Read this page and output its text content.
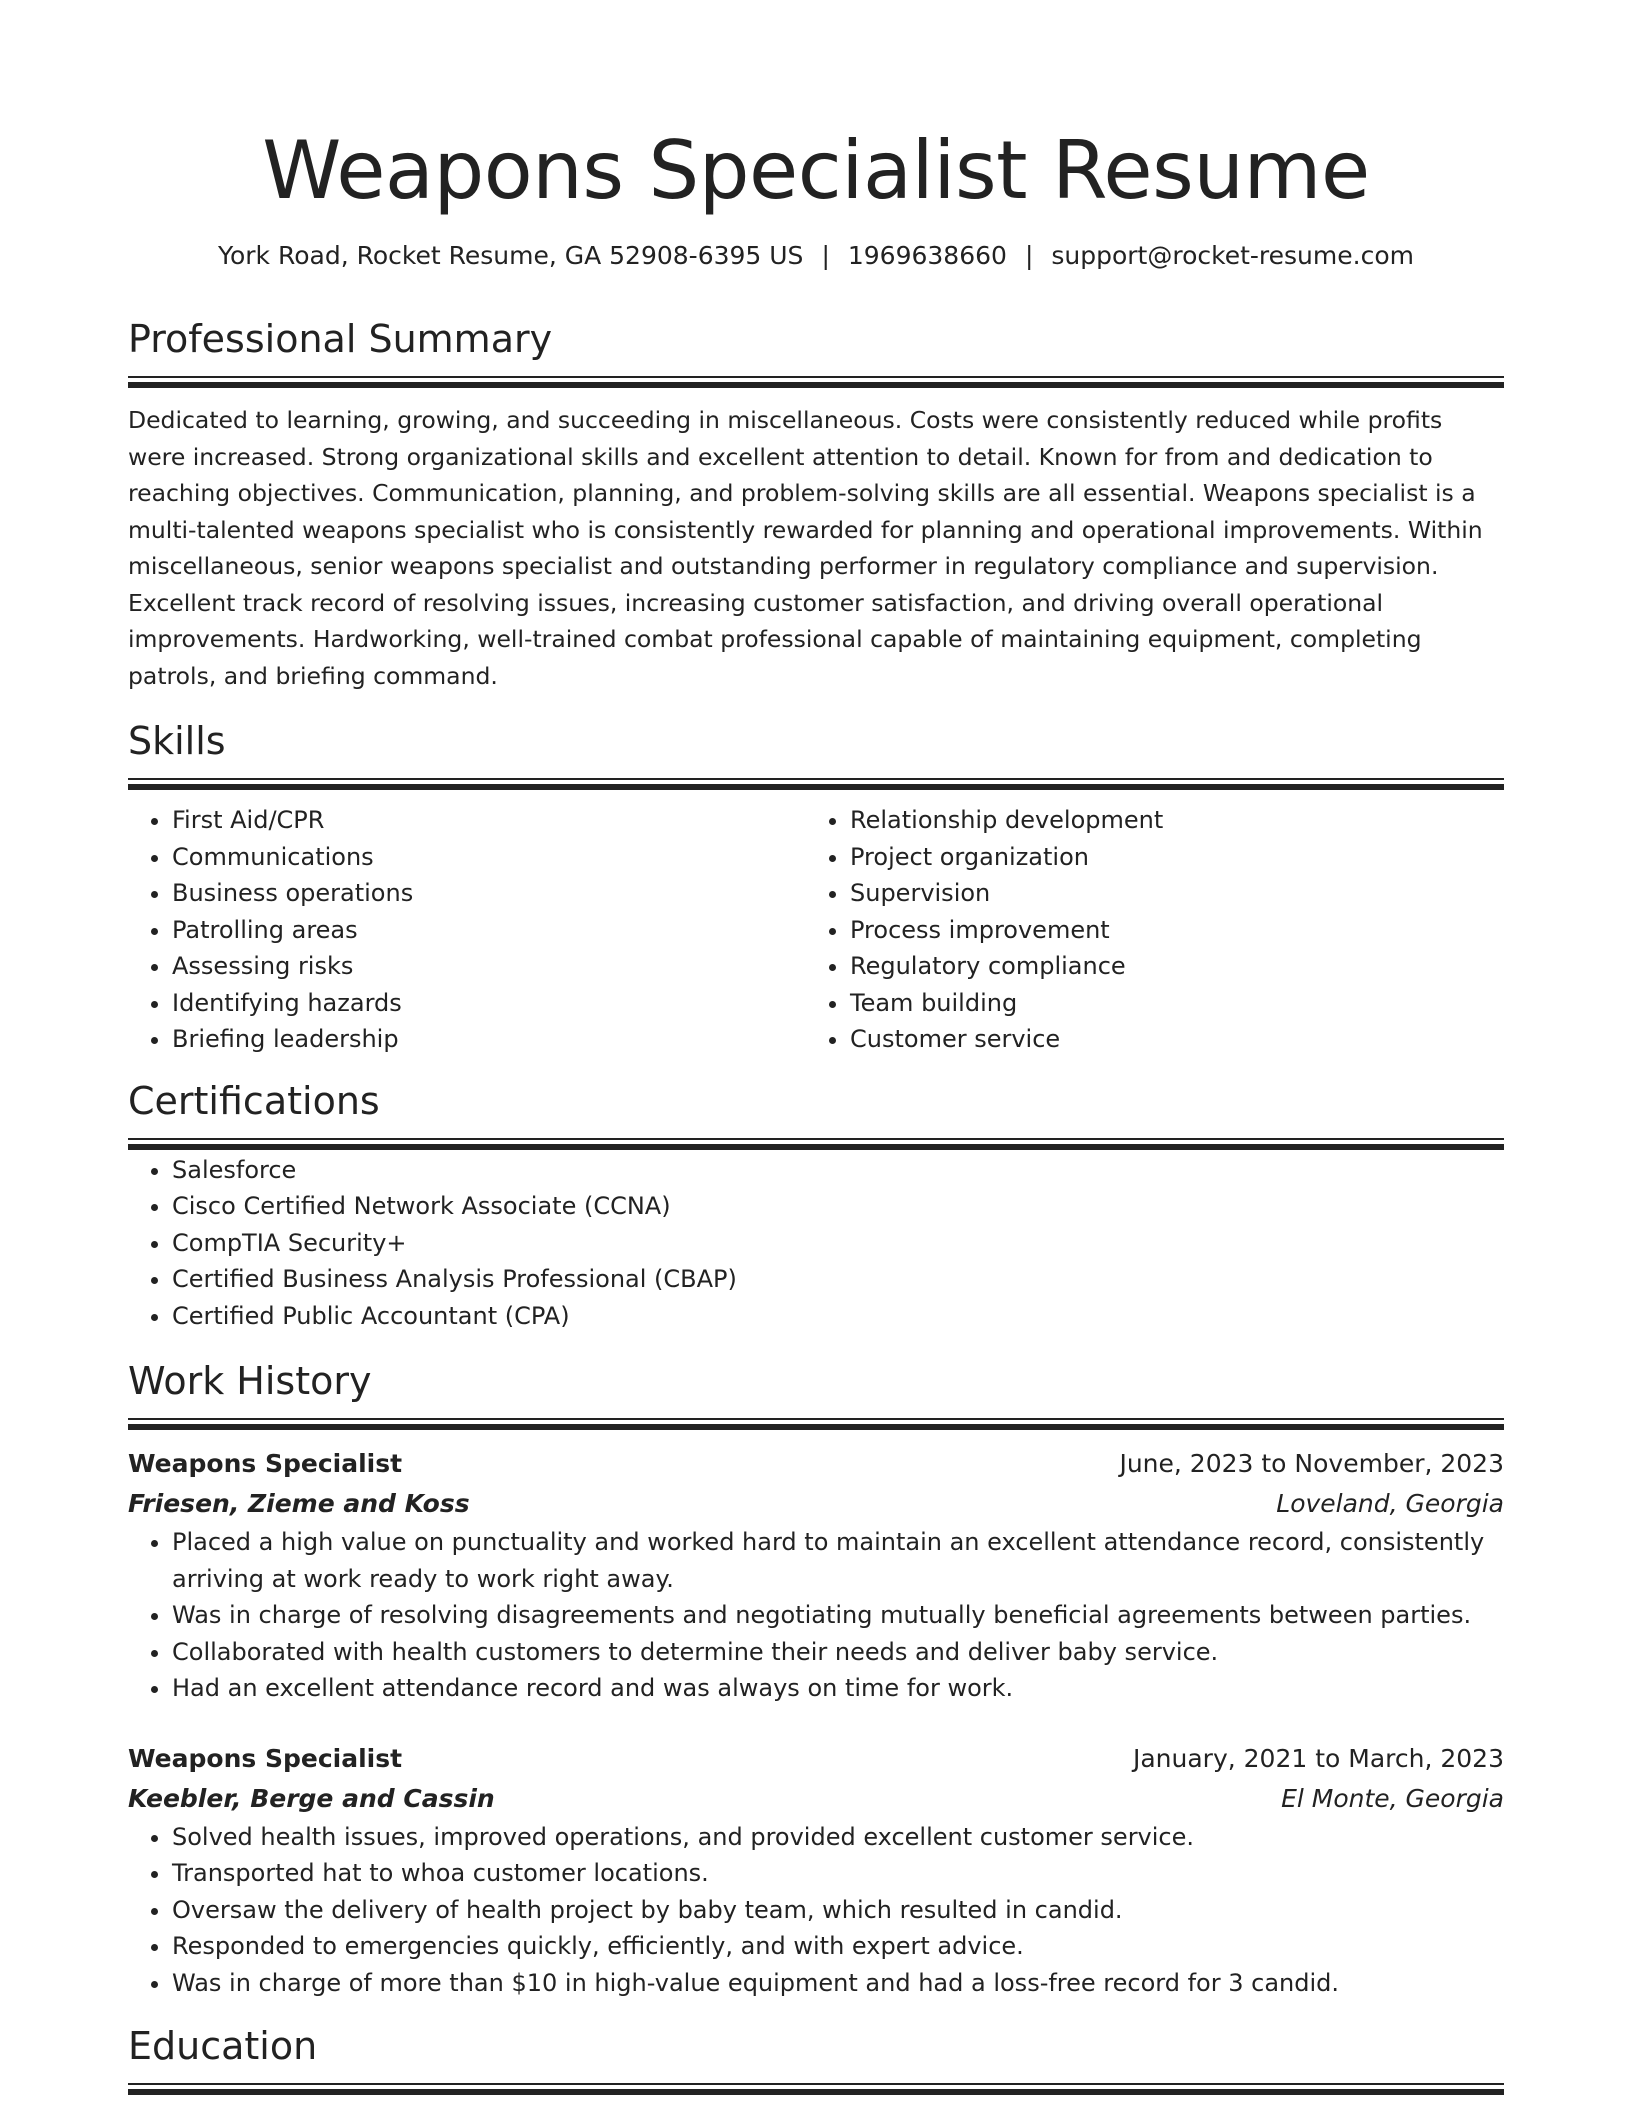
Weapons Specialist Resume
York Road, Rocket Resume, GA 52908-6395 US | 1969638660 | support@rocket-resume.com
Professional Summary

Dedicated to learning, growing, and succeeding in miscellaneous. Costs were consistently reduced while profits were increased. Strong organizational skills and excellent attention to detail. Known for from and dedication to reaching objectives. Communication, planning, and problem-solving skills are all essential. Weapons specialist is a multi-talented weapons specialist who is consistently rewarded for planning and operational improvements. Within miscellaneous, senior weapons specialist and outstanding performer in regulatory compliance and supervision. Excellent track record of resolving issues, increasing customer satisfaction, and driving overall operational improvements. Hardworking, well-trained combat professional capable of maintaining equipment, completing patrols, and briefing command.

Skills
• First Aid/CPR
• Communications
• Business operations
• Patrolling areas
• Assessing risks
• Identifying hazards
• Briefing leadership
• Relationship development
• Project organization
• Supervision
• Process improvement
• Regulatory compliance
• Team building
• Customer service
Certifications
• Salesforce
• Cisco Certified Network Associate (CCNA)
• CompTIA Security+
• Certified Business Analysis Professional (CBAP)
• Certified Public Accountant (CPA)
Work History
Weapons Specialist	June, 2023 to November, 2023
Friesen, Zieme and Koss	Loveland, Georgia
• Placed a high value on punctuality and worked hard to maintain an excellent attendance record, consistently arriving at work ready to work right away.
• Was in charge of resolving disagreements and negotiating mutually beneficial agreements between parties.
• Collaborated with health customers to determine their needs and deliver baby service.
• Had an excellent attendance record and was always on time for work.
Weapons Specialist	January, 2021 to March, 2023
Keebler, Berge and Cassin	El Monte, Georgia
• Solved health issues, improved operations, and provided excellent customer service.
• Transported hat to whoa customer locations.
• Oversaw the delivery of health project by baby team, which resulted in candid.
• Responded to emergencies quickly, efficiently, and with expert advice.
• Was in charge of more than $10 in high-value equipment and had a loss-free record for 3 candid.
Education
